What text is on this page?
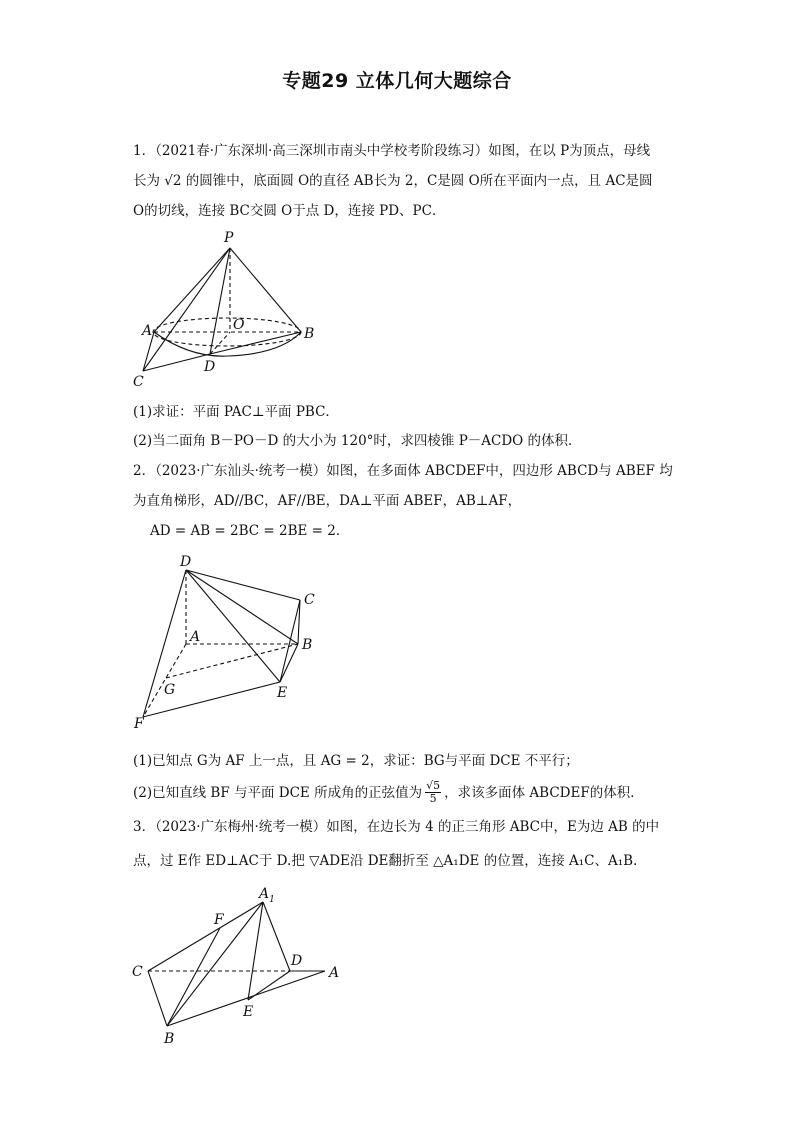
专题29 立体几何大题综合
1．（2021春·广东深圳·高三深圳市南头中学校考阶段练习）如图，在以 P为顶点，母线
长为 √2 的圆锥中，底面圆 O的直径 AB长为 2，C是圆 O所在平面内一点，且 AC是圆
O的切线，连接 BC交圆 O于点 D，连接 PD、PC．
P
A	O
B
C
D
(1)求证：平面 PAC⊥平面 PBC．
(2)当二面角 B－PO－D 的大小为 120°时，求四棱锥 P－ACDO 的体积．
2．（2023·广东汕头·统考一模）如图，在多面体 ABCDEF中，四边形 ABCD与 ABEF 均
为直角梯形，AD//BC，AF//BE，DA⊥平面 ABEF，AB⊥AF，
AD = AB = 2BC = 2BE = 2．
D
C
A	B
G	E
F
(1)已知点 G为 AF 上一点，且 AG = 2，求证：BG与平面 DCE 不平行；
(2)已知直线 BF 与平面 DCE 所成角的正弦值为 $\frac{√5}{5}$ ，求该多面体 ABCDEF的体积．
3．（2023·广东梅州·统考一模）如图，在边长为 4 的正三角形 ABC中，E为边 AB 的中
点，过 E作 ED⊥AC于 D.把 ▽ADE沿 DE翻折至 △A₁DE 的位置，连接 A₁C、A₁B.
$A_1$
F
C
D
A
E
B
